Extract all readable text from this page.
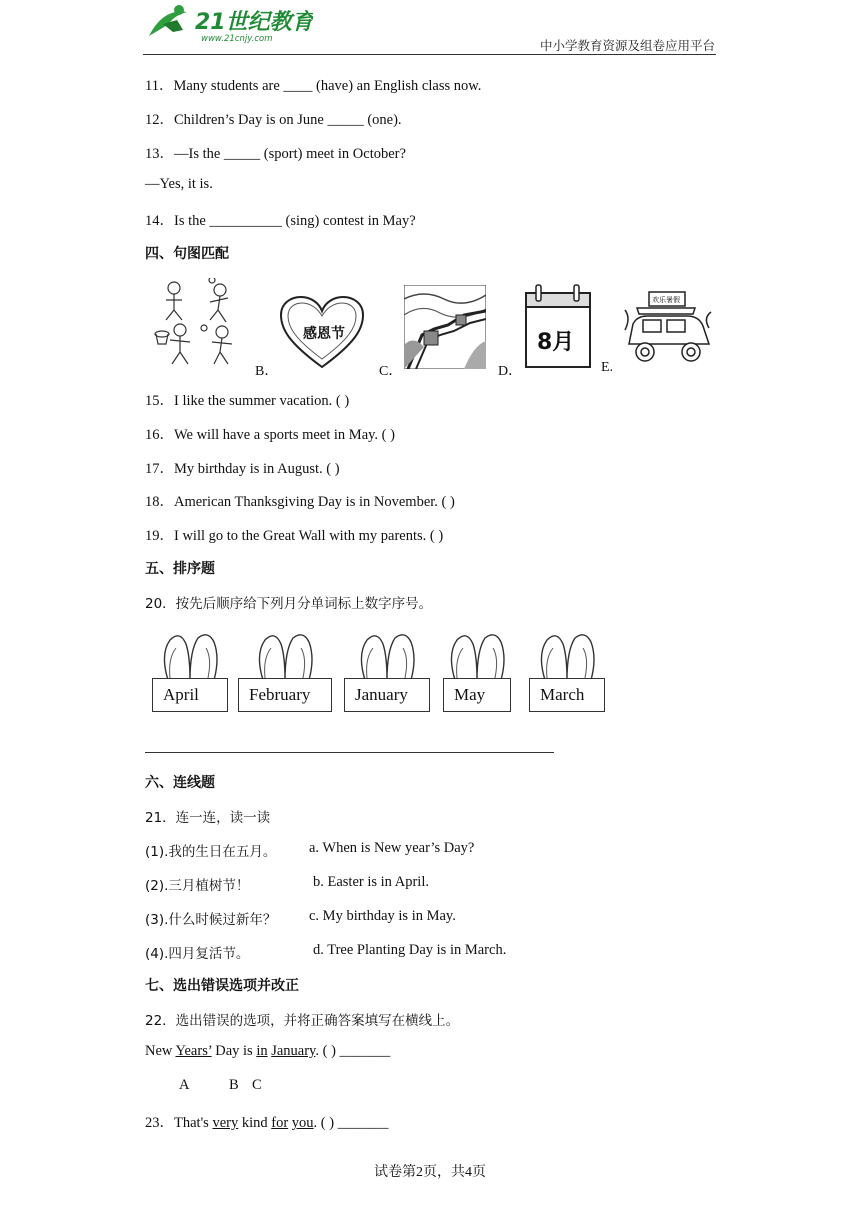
21世纪教育
www.21cnjy.com	中小学教育资源及组卷应用平台
11．Many students are ____ (have) an English class now.
12．Children’s Day is on June _____ (one).
13．—Is the _____ (sport) meet in October?
—Yes, it is.
14．Is the __________ (sing) contest in May?
四、句图匹配
B．
感恩节
C．	D．
8月
E.
欢乐暑假
15．I like the summer vacation. ( )
16．We will have a sports meet in May. ( )
17．My birthday is in August. ( )
18．American Thanksgiving Day is in November. ( )
19．I will go to the Great Wall with my parents. ( )
五、排序题
20．按先后顺序给下列月分单词标上数字序号。
April	February	January	May	March
六、连线题
21．连一连，读一读
(1).我的生日在五月。 a. When is New year’s Day?
(2).三月植树节！	b. Easter is in April.
(3).什么时候过新年？ c. My birthday is in May.
(4).四月复活节。	d. Tree Planting Day is in March.
七、选出错误选项并改正
22．选出错误的选项，并将正确答案填写在横线上。
New Years’ Day is in January. ( ) _______
A	B C
23．That's very kind for you. ( ) _______
试卷第2页，共4页
